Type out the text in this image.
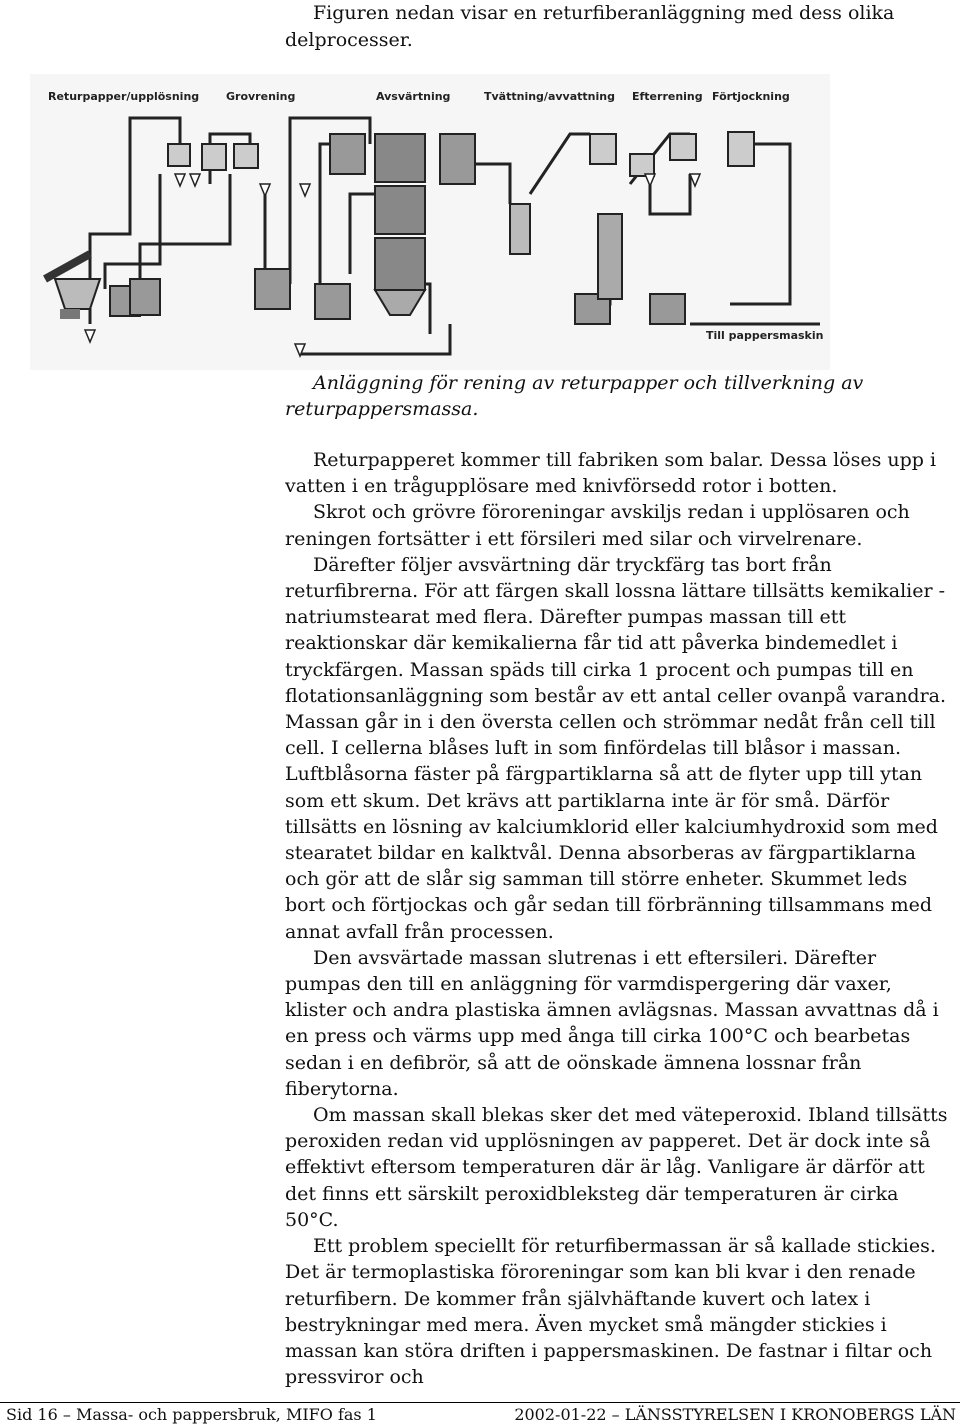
Figuren nedan visar en returfiberanläggning med dess olika
delprocesser.

Returpapper/upplösning Grovrening	Avsvärtning	Tvättning/avvattning Efterrening Förtjockning
Till pappersmaskin

Anläggning för rening av returpapper och tillverkning av
returpappersmassa.

Returpapperet kommer till fabriken som balar. Dessa löses upp i vatten i en trågupplösare med knivförsedd rotor i botten.

Skrot och grövre föroreningar avskiljs redan i upplösaren och reningen fortsätter i ett försileri med silar och virvelrenare.

Därefter följer avsvärtning där tryckfärg tas bort från returfibrerna. För att färgen skall lossna lättare tillsätts kemikalier - natriumstearat med flera. Därefter pumpas massan till ett reaktionskar där kemikalierna får tid att påverka bindemedlet i tryckfärgen. Massan späds till cirka 1 procent och pumpas till en flotationsanläggning som består av ett antal celler ovanpå varandra. Massan går in i den översta cellen och strömmar nedåt från cell till cell. I cellerna blåses luft in som finfördelas till blåsor i massan. Luftblåsorna fäster på färgpartiklarna så att de flyter upp till ytan som ett skum. Det krävs att partiklarna inte är för små. Därför tillsätts en lösning av kalciumklorid eller kalciumhydroxid som med stearatet bildar en kalktvål. Denna absorberas av färgpartiklarna och gör att de slår sig samman till större enheter. Skummet leds bort och förtjockas och går sedan till förbränning tillsammans med annat avfall från processen.

Den avsvärtade massan slutrenas i ett eftersileri. Därefter pumpas den till en anläggning för varmdispergering där vaxer, klister och andra plastiska ämnen avlägsnas. Massan avvattnas då i en press och värms upp med ånga till cirka 100°C och bearbetas sedan i en defibrör, så att de oönskade ämnena lossnar från fiberytorna.

Om massan skall blekas sker det med väteperoxid. Ibland tillsätts peroxiden redan vid upplösningen av papperet. Det är dock inte så effektivt eftersom temperaturen där är låg. Vanligare är därför att det finns ett särskilt peroxidbleksteg där temperaturen är cirka 50°C.

Ett problem speciellt för returfibermassan är så kallade stickies. Det är termoplastiska föroreningar som kan bli kvar i den renade returfibern. De kommer från självhäftande kuvert och latex i bestrykningar med mera. Även mycket små mängder stickies i massan kan störa driften i pappersmaskinen. De fastnar i filtar och pressviror och

Sid 16 – Massa- och pappersbruk, MIFO fas 1	2002-01-22 – LÄNSSTYRELSEN I KRONOBERGS LÄN
